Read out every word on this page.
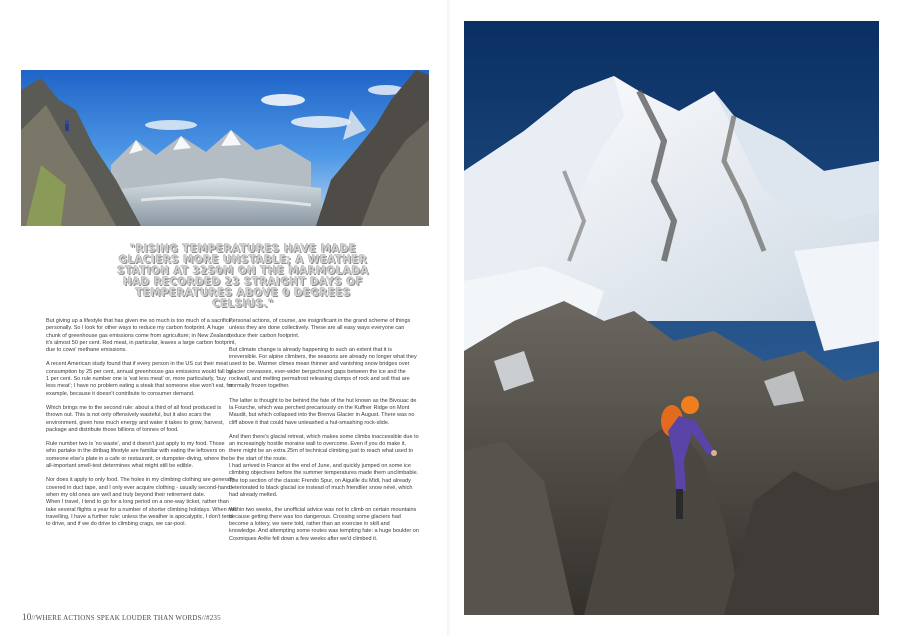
"RISING TEMPERATURES HAVE MADE GLACIERS MORE UNSTABLE; A WEATHER STATION AT 3250M ON THE MARMOLADA HAD RECORDED 23 STRAIGHT DAYS OF TEMPERATURES ABOVE 0 DEGREES CELSIUS."

But giving up a lifestyle that has given me so much is too much of a sacrifice, personally. So I look for other ways to reduce my carbon footprint. A huge chunk of greenhouse gas emissions come from agriculture; in New Zealand, it's almost 50 per cent. Red meat, in particular, leaves a large carbon footprint, due to cows' methane emissions.

A recent American study found that if every person in the US cut their meat consumption by 25 per cent, annual greenhouse gas emissions would fall by 1 per cent. So rule number one is 'eat less meat' or, more particularly, 'buy less meat'; I have no problem eating a steak that someone else won't eat, for example, because it doesn't contribute to consumer demand.

Which brings me to the second rule: about a third of all food produced is thrown out. This is not only offensively wasteful, but it also scars the environment, given how much energy and water it takes to grow, harvest, package and distribute those billions of tonnes of food.

Rule number two is 'no waste', and it doesn't just apply to my food. Those who partake in the dirtbag lifestyle are familiar with eating the leftovers on someone else's plate in a cafe or restaurant, or dumpster-diving, where the all-important smell-test determines what might still be edible.

Nor does it apply to only food. The holes in my climbing clothing are generally covered in duct tape, and I only ever acquire clothing - usually second-hand - when my old ones are well and truly beyond their retirement date.

When I travel, I tend to go for a long period on a one-way ticket, rather than take several flights a year for a number of shorter climbing holidays. When not travelling, I have a further rule: unless the weather is apocalyptic, I don't tend to drive, and if we do drive to climbing crags, we car-pool.

Personal actions, of course, are insignificant in the grand scheme of things unless they are done collectively. These are all easy ways everyone can reduce their carbon footprint.

But climate change is already happening to such an extent that it is irreversible. For alpine climbers, the seasons are already no longer what they used to be. Warmer climes mean thinner and vanishing snow bridges over glacier crevasses, ever-wider bergschrund gaps between the ice and the rockwall, and melting permafrost releasing clumps of rock and soil that are normally frozen together.

The latter is thought to be behind the fate of the hut known as the Bivouac de la Fourche, which was perched precariously on the Kuffner Ridge on Mont Maudit, but which collapsed into the Brenva Glacier in August. There was no cliff above it that could have unleashed a hut-smashing rock-slide.

And then there's glacial retreat, which makes some climbs inaccessible due to an increasingly hostile moraine wall to overcome. Even if you do make it, there might be an extra 25m of technical climbing just to reach what used to be the start of the route.

I had arrived in France at the end of June, and quickly jumped on some ice climbing objectives before the summer temperatures made them unclimbable. The top section of the classic Frendo Spur, on Aiguille du Midi, had already deteriorated to black glacial ice instead of much friendlier snow névé, which had already melted.

Within two weeks, the unofficial advice was not to climb on certain mountains because getting there was too dangerous. Crossing some glaciers had become a lottery, we were told, rather than an exercise in skill and knowledge. And attempting some routes was tempting fate: a huge boulder on Cosmiques Arête fell down a few weeks after we'd climbed it.

10//WHERE ACTIONS SPEAK LOUDER THAN WORDS//#235
